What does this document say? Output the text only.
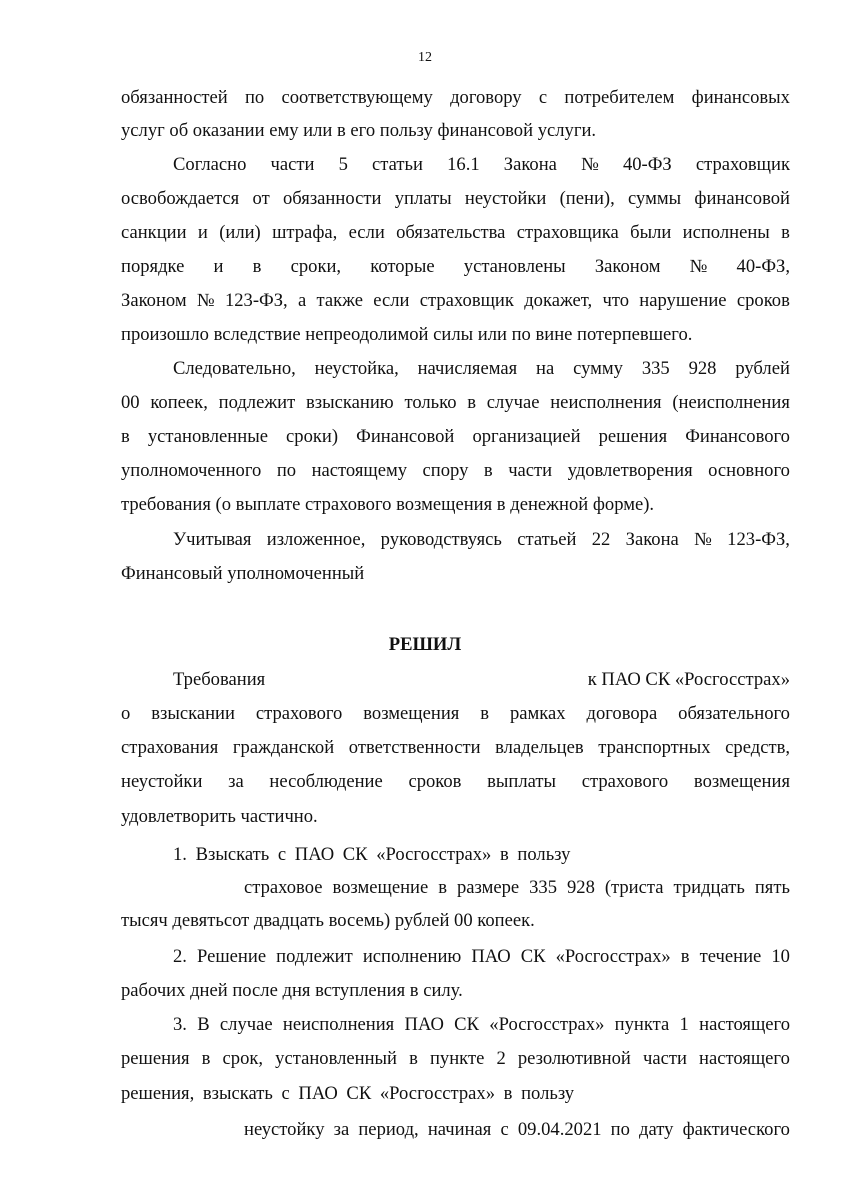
12
обязанностей по соответствующему договору с потребителем финансовых
услуг об оказании ему или в его пользу финансовой услуги.
Согласно части 5 статьи 16.1 Закона № 40-ФЗ страховщик
освобождается от обязанности уплаты неустойки (пени), суммы финансовой
санкции и (или) штрафа, если обязательства страховщика были исполнены в
порядке и в сроки, которые установлены Законом № 40-ФЗ,
Законом № 123-ФЗ, а также если страховщик докажет, что нарушение сроков
произошло вследствие непреодолимой силы или по вине потерпевшего.
Следовательно, неустойка, начисляемая на сумму 335 928 рублей
00 копеек, подлежит взысканию только в случае неисполнения (неисполнения
в установленные сроки) Финансовой организацией решения Финансового
уполномоченного по настоящему спору в части удовлетворения основного
требования (о выплате страхового возмещения в денежной форме).
Учитывая изложенное, руководствуясь статьей 22 Закона № 123-ФЗ,
Финансовый уполномоченный
РЕШИЛ
Требования	к ПАО СК «Росгосстрах»
о взыскании страхового возмещения в рамках договора обязательного
страхования гражданской ответственности владельцев транспортных средств,
неустойки за несоблюдение сроков выплаты страхового возмещения
удовлетворить частично.
1. Взыскать с ПАО СК «Росгосстрах» в пользу
страховое возмещение в размере 335 928 (триста тридцать пять
тысяч девятьсот двадцать восемь) рублей 00 копеек.
2. Решение подлежит исполнению ПАО СК «Росгосстрах» в течение 10
рабочих дней после дня вступления в силу.
3. В случае неисполнения ПАО СК «Росгосстрах» пункта 1 настоящего
решения в срок, установленный в пункте 2 резолютивной части настоящего
решения, взыскать с ПАО СК «Росгосстрах» в пользу
неустойку за период, начиная с 09.04.2021 по дату фактического
